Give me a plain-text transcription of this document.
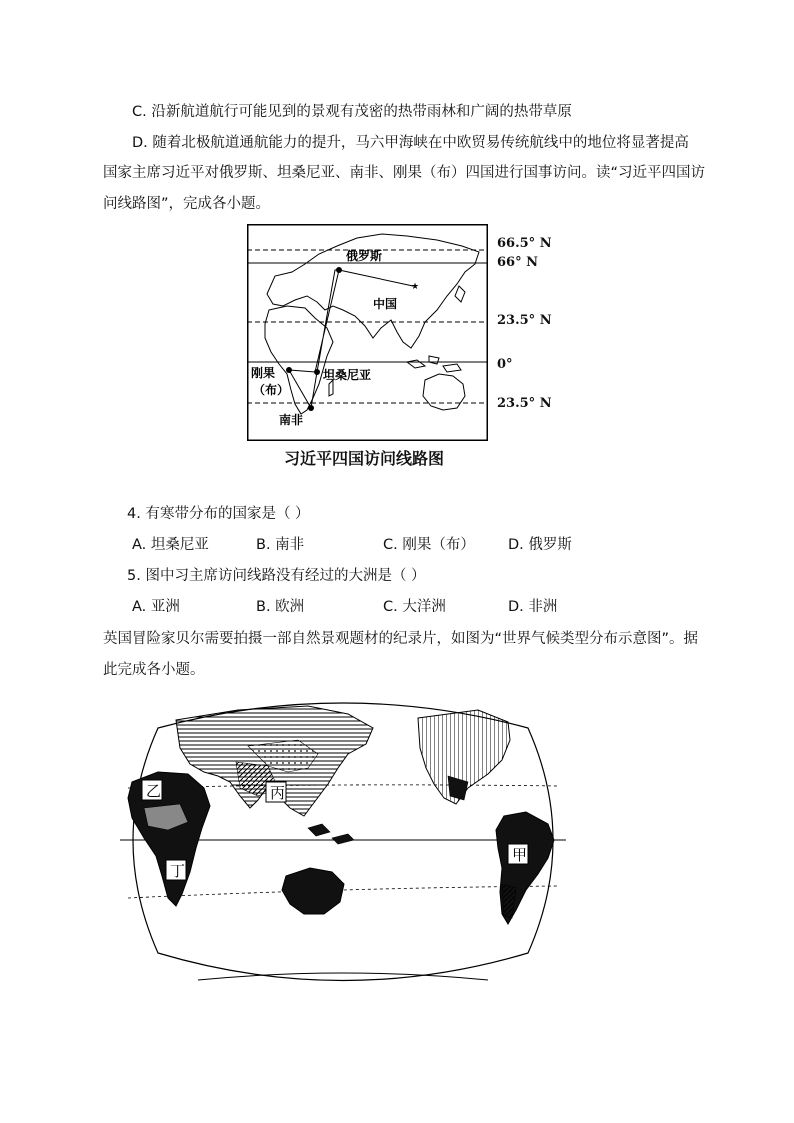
C. 沿新航道航行可能见到的景观有茂密的热带雨林和广阔的热带草原
D. 随着北极航道通航能力的提升，马六甲海峡在中欧贸易传统航线中的地位将显著提高
国家主席习近平对俄罗斯、坦桑尼亚、南非、刚果（布）四国进行国事访问。读“习近平四国访
问线路图”，完成各小题。
★
俄罗斯
中国
坦桑尼亚
刚果
（布）
南非
66.5° N
66° N
23.5° N
0°
23.5° N
习近平四国访问线路图
4. 有寒带分布的国家是（ ）
A. 坦桑尼亚	B. 南非	C. 刚果（布） D. 俄罗斯
5. 图中习主席访问线路没有经过的大洲是（ ）
A. 亚洲	B. 欧洲	C. 大洋洲	D. 非洲
英国冒险家贝尔需要拍摄一部自然景观题材的纪录片，如图为“世界气候类型分布示意图”。据
此完成各小题。
乙	丙
丁
甲
